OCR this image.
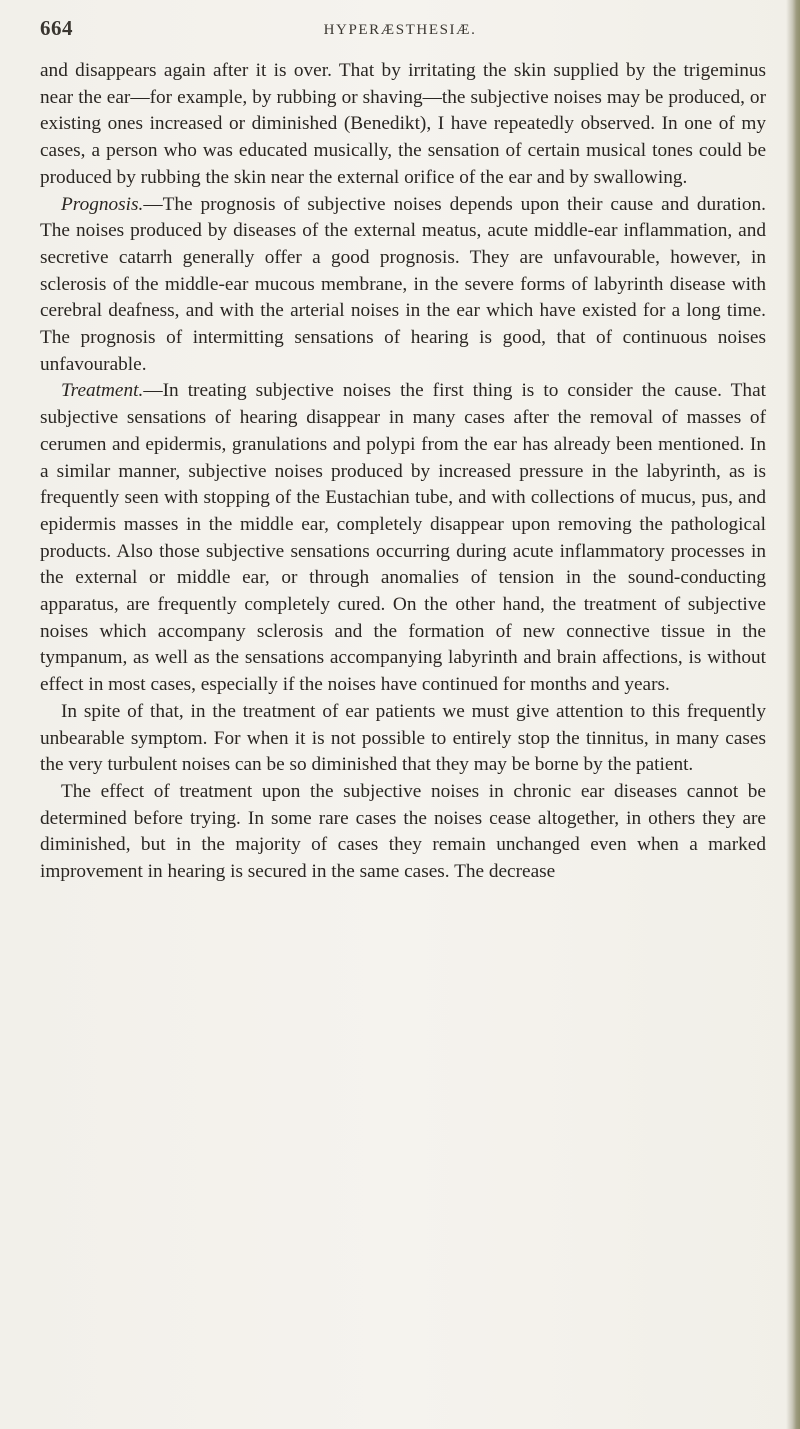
664	HYPERÆSTHESIÆ.

and disappears again after it is over. That by irritating the skin supplied by the trigeminus near the ear—for example, by rubbing or shaving—the subjective noises may be produced, or existing ones increased or diminished (Benedikt), I have repeatedly observed. In one of my cases, a person who was educated musically, the sensation of certain musical tones could be produced by rubbing the skin near the external orifice of the ear and by swallowing.

Prognosis.—The prognosis of subjective noises depends upon their cause and duration. The noises produced by diseases of the external meatus, acute middle-ear inflammation, and secretive catarrh generally offer a good prognosis. They are unfavourable, however, in sclerosis of the middle-ear mucous membrane, in the severe forms of labyrinth disease with cerebral deafness, and with the arterial noises in the ear which have existed for a long time. The prognosis of intermitting sensations of hearing is good, that of continuous noises unfavourable.

Treatment.—In treating subjective noises the first thing is to consider the cause. That subjective sensations of hearing disappear in many cases after the removal of masses of cerumen and epidermis, granulations and polypi from the ear has already been mentioned. In a similar manner, subjective noises produced by increased pressure in the labyrinth, as is frequently seen with stopping of the Eustachian tube, and with collections of mucus, pus, and epidermis masses in the middle ear, completely disappear upon removing the pathological products. Also those subjective sensations occurring during acute inflammatory processes in the external or middle ear, or through anomalies of tension in the sound-conducting apparatus, are frequently completely cured. On the other hand, the treatment of subjective noises which accompany sclerosis and the formation of new connective tissue in the tympanum, as well as the sensations accompanying labyrinth and brain affections, is without effect in most cases, especially if the noises have continued for months and years.

In spite of that, in the treatment of ear patients we must give attention to this frequently unbearable symptom. For when it is not possible to entirely stop the tinnitus, in many cases the very turbulent noises can be so diminished that they may be borne by the patient.

The effect of treatment upon the subjective noises in chronic ear diseases cannot be determined before trying. In some rare cases the noises cease altogether, in others they are diminished, but in the majority of cases they remain unchanged even when a marked improvement in hearing is secured in the same cases. The decrease
